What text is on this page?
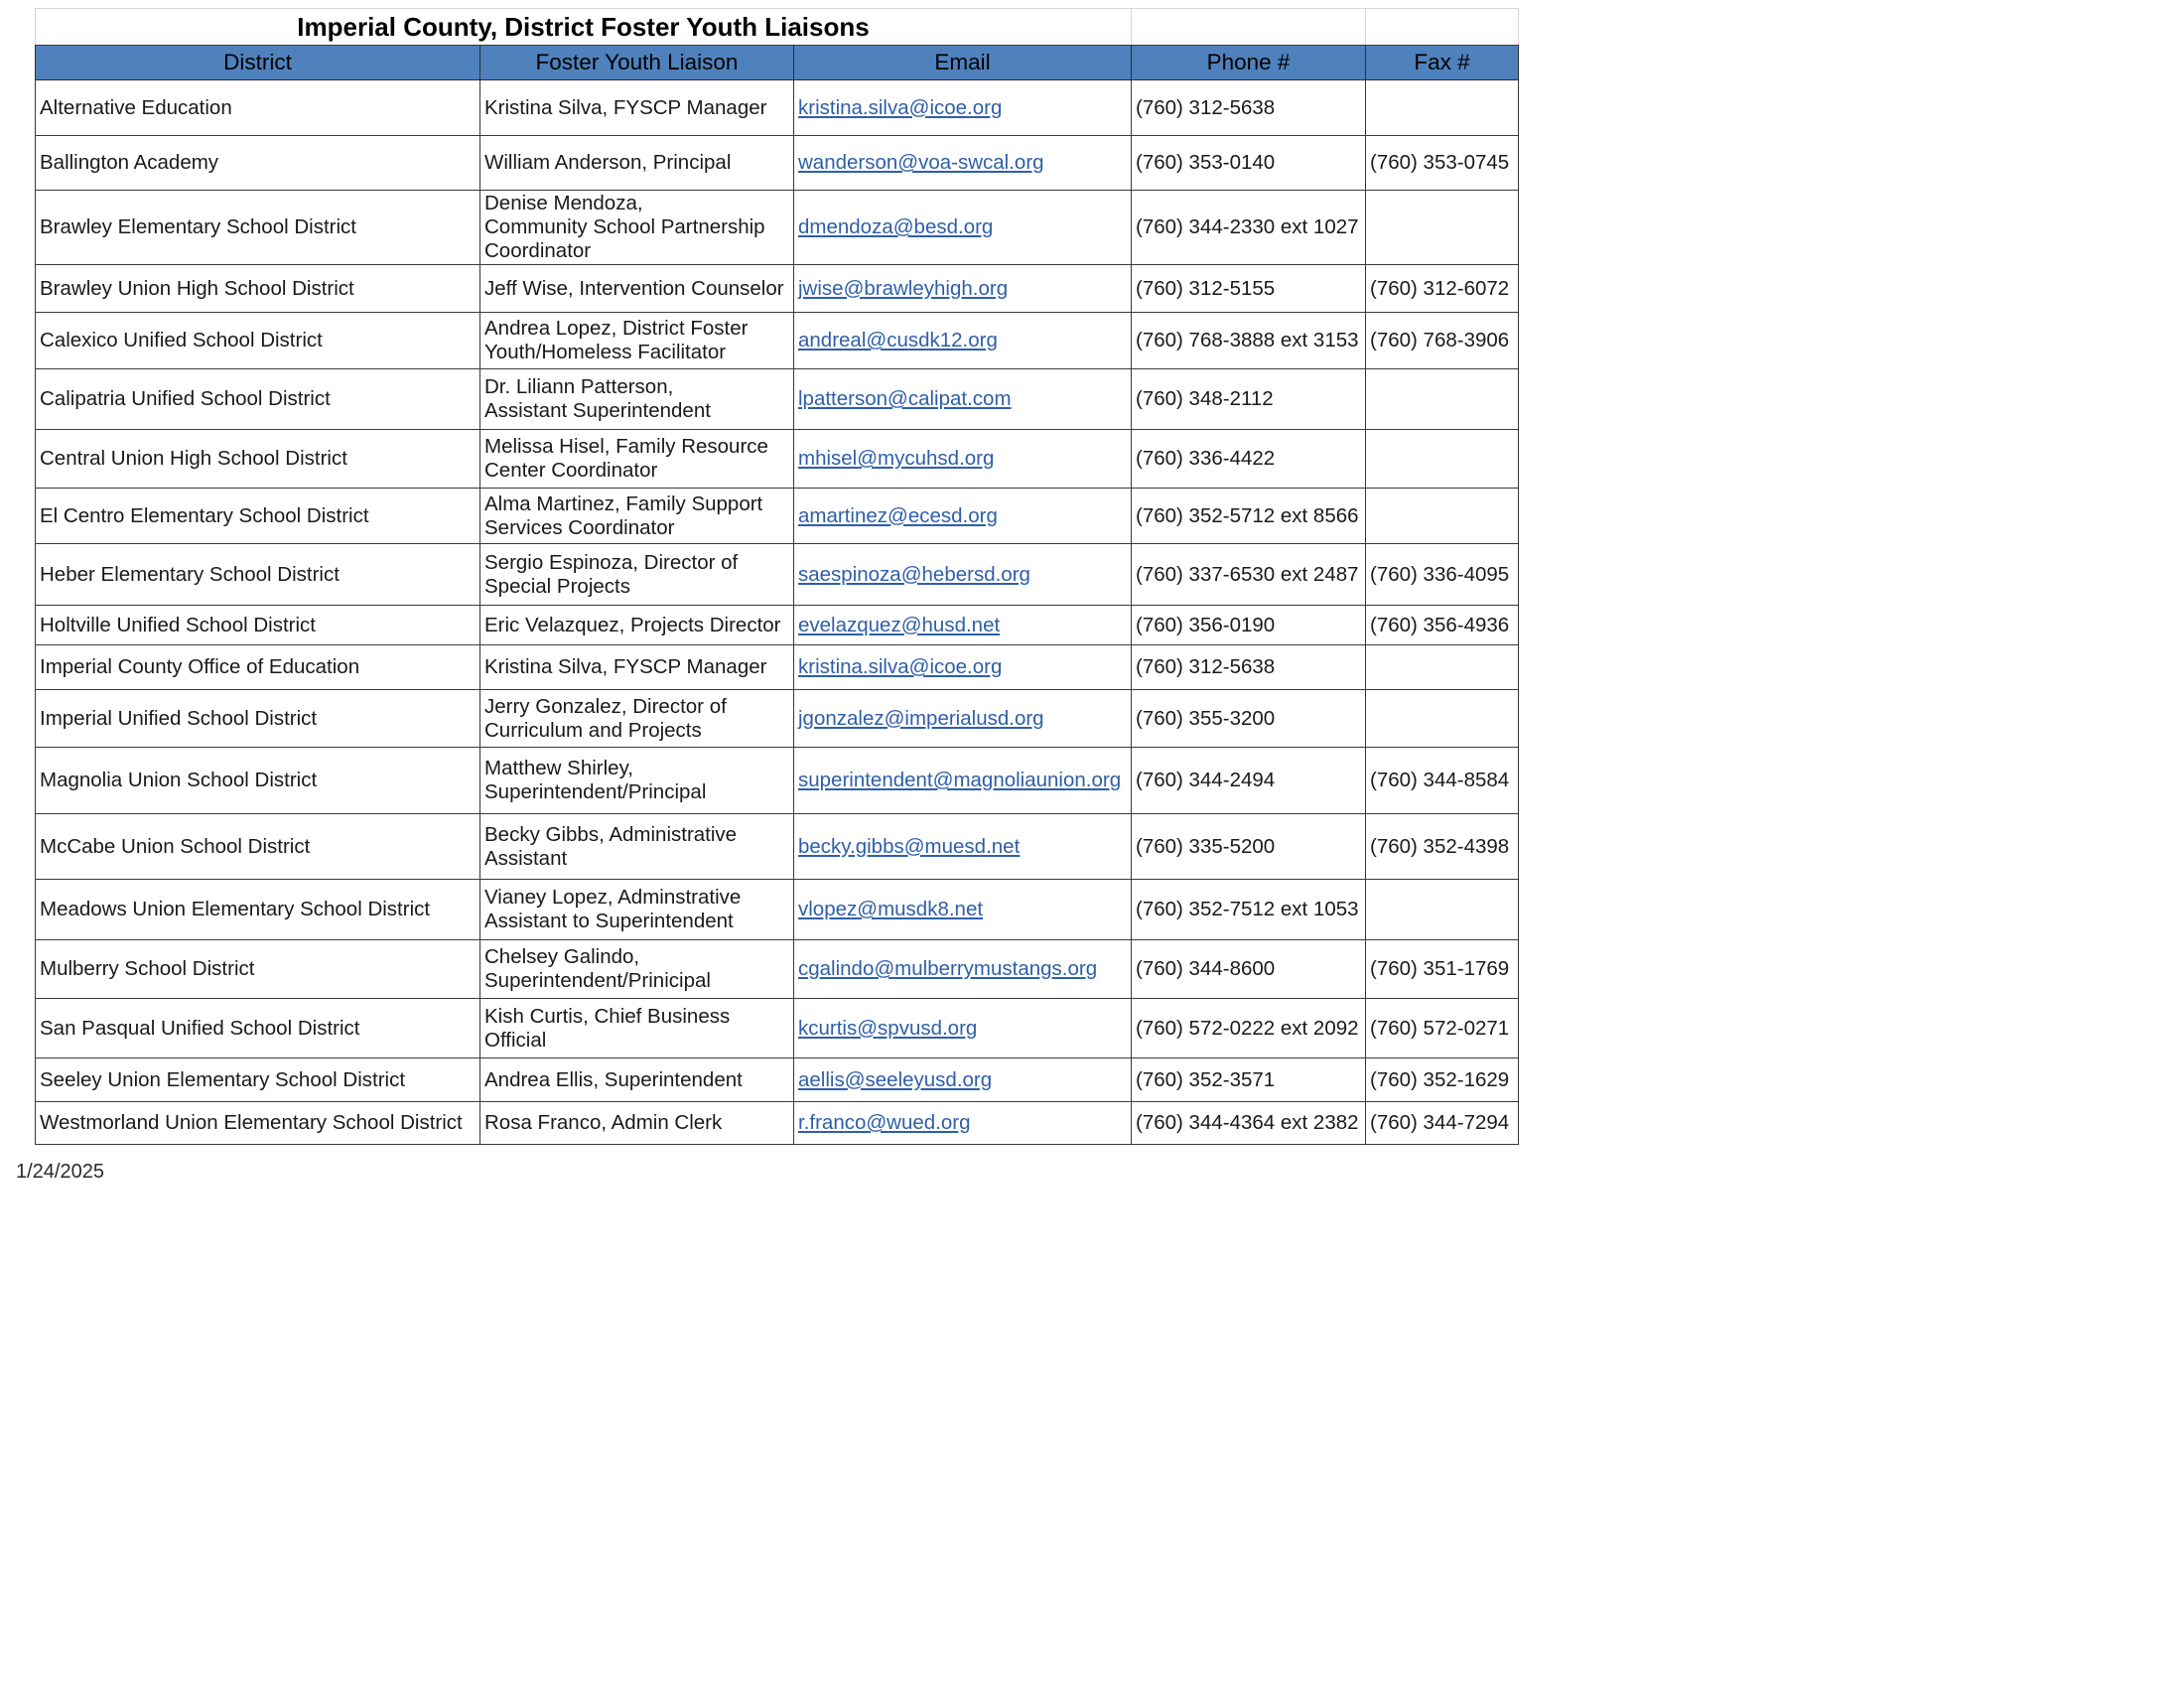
Imperial County, District Foster Youth Liaisons				
District	Foster Youth Liaison	Email	Phone #	Fax #
Alternative Education	Kristina Silva, FYSCP Manager	kristina.silva@icoe.org	(760) 312-5638	
Ballington Academy	William Anderson, Principal	wanderson@voa-swcal.org	(760) 353-0140	(760) 353-0745
Brawley Elementary School District	Denise Mendoza,
Community School Partnership
Coordinator	dmendoza@besd.org	(760) 344-2330 ext 1027	
Brawley Union High School District	Jeff Wise, Intervention Counselor	jwise@brawleyhigh.org	(760) 312-5155	(760) 312-6072
Calexico Unified School District	Andrea Lopez, District Foster
Youth/Homeless Facilitator	andreal@cusdk12.org	(760) 768-3888 ext 3153	(760) 768-3906
Calipatria Unified School District	Dr. Liliann Patterson,
Assistant Superintendent	lpatterson@calipat.com	(760) 348-2112	
Central Union High School District	Melissa Hisel, Family Resource
Center Coordinator	mhisel@mycuhsd.org	(760) 336-4422	
El Centro Elementary School District	Alma Martinez, Family Support
Services Coordinator	amartinez@ecesd.org	(760) 352-5712 ext 8566	
Heber Elementary School District	Sergio Espinoza, Director of
Special Projects	saespinoza@hebersd.org	(760) 337-6530 ext 2487	(760) 336-4095
Holtville Unified School District	Eric Velazquez, Projects Director	evelazquez@husd.net	(760) 356-0190	(760) 356-4936
Imperial County Office of Education	Kristina Silva, FYSCP Manager	kristina.silva@icoe.org	(760) 312-5638	
Imperial Unified School District	Jerry Gonzalez, Director of
Curriculum and Projects	jgonzalez@imperialusd.org	(760) 355-3200	
Magnolia Union School District	Matthew Shirley,
Superintendent/Principal	superintendent@magnoliaunion.org	(760) 344-2494	(760) 344-8584
McCabe Union School District	Becky Gibbs, Administrative
Assistant	becky.gibbs@muesd.net	(760) 335-5200	(760) 352-4398
Meadows Union Elementary School District	Vianey Lopez, Adminstrative
Assistant to Superintendent	vlopez@musdk8.net	(760) 352-7512 ext 1053	
Mulberry School District	Chelsey Galindo,
Superintendent/Prinicipal	cgalindo@mulberrymustangs.org	(760) 344-8600	(760) 351-1769
San Pasqual Unified School District	Kish Curtis, Chief Business
Official	kcurtis@spvusd.org	(760) 572-0222 ext 2092	(760) 572-0271
Seeley Union Elementary School District	Andrea Ellis, Superintendent	aellis@seeleyusd.org	(760) 352-3571	(760) 352-1629
Westmorland Union Elementary School District	Rosa Franco, Admin Clerk	r.franco@wued.org	(760) 344-4364 ext 2382	(760) 344-7294
1/24/2025
